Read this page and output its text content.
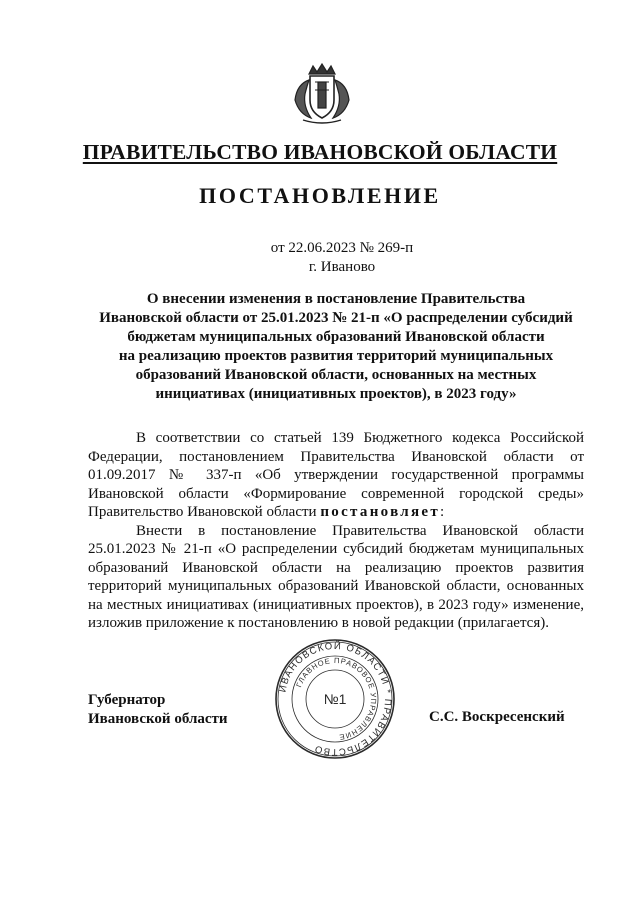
ПРАВИТЕЛЬСТВО ИВАНОВСКОЙ ОБЛАСТИ
ПОСТАНОВЛЕНИЕ
от 22.06.2023 № 269-п
г. Иваново
О внесении изменения в постановление Правительства
Ивановской области от 25.01.2023 № 21-п «О распределении субсидий
бюджетам муниципальных образований Ивановской области
на реализацию проектов развития территорий муниципальных
образований Ивановской области, основанных на местных
инициативах (инициативных проектов), в 2023 году»

В соответствии со статьей 139 Бюджетного кодекса Российской Федерации, постановлением Правительства Ивановской области от 01.09.2017 № 337-п «Об утверждении государственной программы Ивановской области «Формирование современной городской среды» Правительство Ивановской области постановляет:

Внести в постановление Правительства Ивановской области 25.01.2023 № 21-п «О распределении субсидий бюджетам муниципальных образований Ивановской области на реализацию проектов развития территорий муниципальных образований Ивановской области, основанных на местных инициативах (инициативных проектов), в 2023 году» изменение, изложив приложение к постановлению в новой редакции (прилагается).

Губернатор
Ивановской области
ИВАНОВСКОЙ ОБЛАСТИ * ПРАВИТЕЛЬСТВО
ГЛАВНОЕ ПРАВОВОЕ УПРАВЛЕНИЕ
№1
С.С. Воскресенский
